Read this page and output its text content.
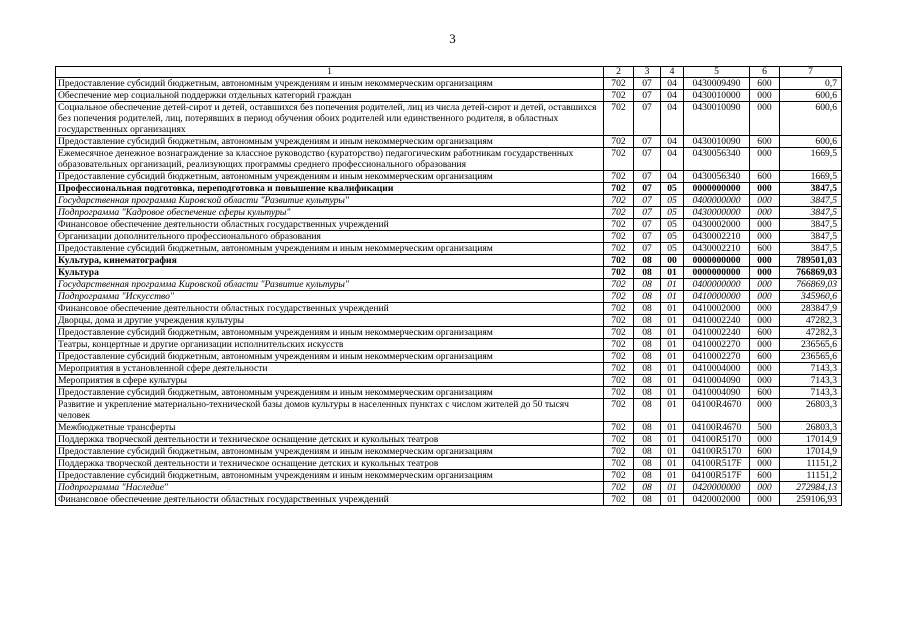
3
1	2	3	4	5	6	7
Предоставление субсидий бюджетным, автономным учреждениям и иным некоммерческим организациям	702	07	04	0430009490	600	0,7
Обеспечение мер социальной поддержки отдельных категорий граждан	702	07	04	0430010000	000	600,6
Социальное обеспечение детей-сирот и детей, оставшихся без попечения родителей, лиц из числа детей-сирот и детей, оставшихся без попечения родителей, лиц, потерявших в период обучения обоих родителей или единственного родителя, в областных государственных организациях	702	07	04	0430010090	000	600,6
Предоставление субсидий бюджетным, автономным учреждениям и иным некоммерческим организациям	702	07	04	0430010090	600	600,6
Ежемесячное денежное вознаграждение за классное руководство (кураторство) педагогическим работникам государственных образовательных организаций, реализующих программы среднего профессионального образования	702	07	04	0430056340	000	1669,5
Предоставление субсидий бюджетным, автономным учреждениям и иным некоммерческим организациям	702	07	04	0430056340	600	1669,5
Профессиональная подготовка, переподготовка и повышение квалификации	702	07	05	0000000000	000	3847,5
Государственная программа Кировской области "Развитие культуры"	702	07	05	0400000000	000	3847,5
Подпрограмма "Кадровое обеспечение сферы культуры"	702	07	05	0430000000	000	3847,5
Финансовое обеспечение деятельности областных государственных учреждений	702	07	05	0430002000	000	3847,5
Организации дополнительного профессионального образования	702	07	05	0430002210	000	3847,5
Предоставление субсидий бюджетным, автономным учреждениям и иным некоммерческим организациям	702	07	05	0430002210	600	3847,5
Культура, кинематография	702	08	00	0000000000	000	789501,03
Культура	702	08	01	0000000000	000	766869,03
Государственная программа Кировской области "Развитие культуры"	702	08	01	0400000000	000	766869,03
Подпрограмма "Искусство"	702	08	01	0410000000	000	345960,6
Финансовое обеспечение деятельности областных государственных учреждений	702	08	01	0410002000	000	283847,9
Дворцы, дома и другие учреждения культуры	702	08	01	0410002240	000	47282,3
Предоставление субсидий бюджетным, автономным учреждениям и иным некоммерческим организациям	702	08	01	0410002240	600	47282,3
Театры, концертные и другие организации исполнительских искусств	702	08	01	0410002270	000	236565,6
Предоставление субсидий бюджетным, автономным учреждениям и иным некоммерческим организациям	702	08	01	0410002270	600	236565,6
Мероприятия в установленной сфере деятельности	702	08	01	0410004000	000	7143,3
Мероприятия в сфере культуры	702	08	01	0410004090	000	7143,3
Предоставление субсидий бюджетным, автономным учреждениям и иным некоммерческим организациям	702	08	01	0410004090	600	7143,3
Развитие и укрепление материально-технической базы домов культуры в населенных пунктах с числом жителей до 50 тысяч человек	702	08	01	04100R4670	000	26803,3
Межбюджетные трансферты	702	08	01	04100R4670	500	26803,3
Поддержка творческой деятельности и техническое оснащение детских и кукольных театров	702	08	01	04100R5170	000	17014,9
Предоставление субсидий бюджетным, автономным учреждениям и иным некоммерческим организациям	702	08	01	04100R5170	600	17014,9
Поддержка творческой деятельности и техническое оснащение детских и кукольных театров	702	08	01	04100R517F	000	11151,2
Предоставление субсидий бюджетным, автономным учреждениям и иным некоммерческим организациям	702	08	01	04100R517F	600	11151,2
Подпрограмма "Наследие"	702	08	01	0420000000	000	272984,13
Финансовое обеспечение деятельности областных государственных учреждений	702	08	01	0420002000	000	259106,93
